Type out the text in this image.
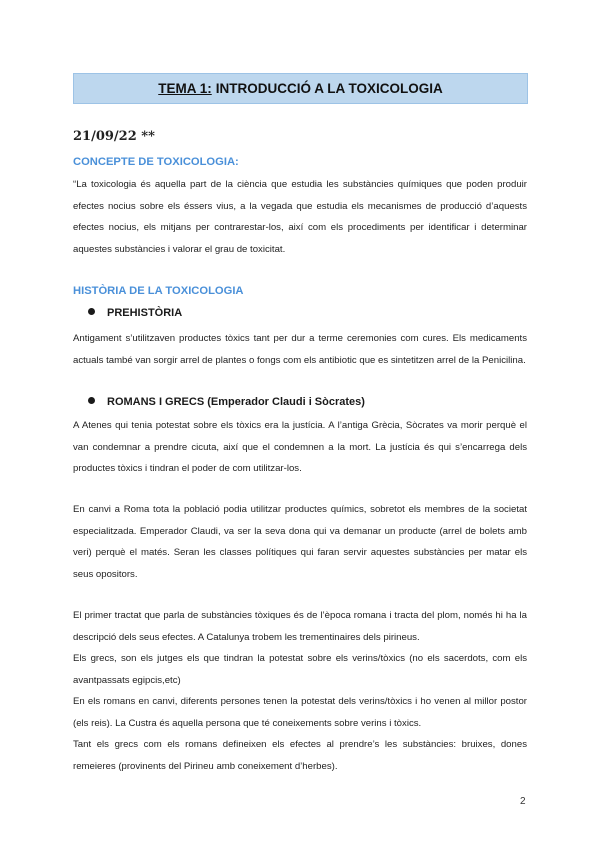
TEMA 1: INTRODUCCIÓ A LA TOXICOLOGIA
21/09/22 **
CONCEPTE DE TOXICOLOGIA:
“La toxicologia és aquella part de la ciència que estudia les substàncies químiques que poden produir efectes nocius sobre els éssers vius, a la vegada que estudia els mecanismes de producció d’aquests efectes nocius, els mitjans per contrarestar-los, així com els procediments per identificar i determinar aquestes substàncies i valorar el grau de toxicitat.
HISTÒRIA DE LA TOXICOLOGIA
PREHISTÒRIA
Antigament s’utilitzaven productes tòxics tant per dur a terme ceremonies com cures. Els medicaments actuals també van sorgir arrel de plantes o fongs com els antibiotic que es sintetitzen arrel de la Penicilina.
ROMANS I GRECS (Emperador Claudi i Sòcrates)
A Atenes qui tenia potestat sobre els tòxics era la justícia. A l’antiga Grècia, Sòcrates va morir perquè el van condemnar a prendre cicuta, així que el condemnen a la mort. La justícia és qui s’encarrega dels productes tòxics i tindran el poder de com utilitzar-los.
En canvi a Roma tota la població podia utilitzar productes químics, sobretot els membres de la societat especialitzada. Emperador Claudi, va ser la seva dona qui va demanar un producte (arrel de bolets amb veri) perquè el matés. Seran les classes polítiques qui faran servir aquestes substàncies per matar els seus opositors.
El primer tractat que parla de substàncies tòxiques és de l’època romana i tracta del plom, només hi ha la descripció dels seus efectes. A Catalunya trobem les trementinaires dels pirineus.
Els grecs, son els jutges els que tindran la potestat sobre els verins/tòxics (no els sacerdots, com els avantpassats egipcis,etc)
En els romans en canvi, diferents persones tenen la potestat dels verins/tòxics i ho venen al millor postor (els reis). La Custra és aquella persona que té coneixements sobre verins i tòxics.
Tant els grecs com els romans defineixen els efectes al prendre’s les substàncies: bruixes, dones remeieres (provinents del Pirineu amb coneixement d’herbes).
2
